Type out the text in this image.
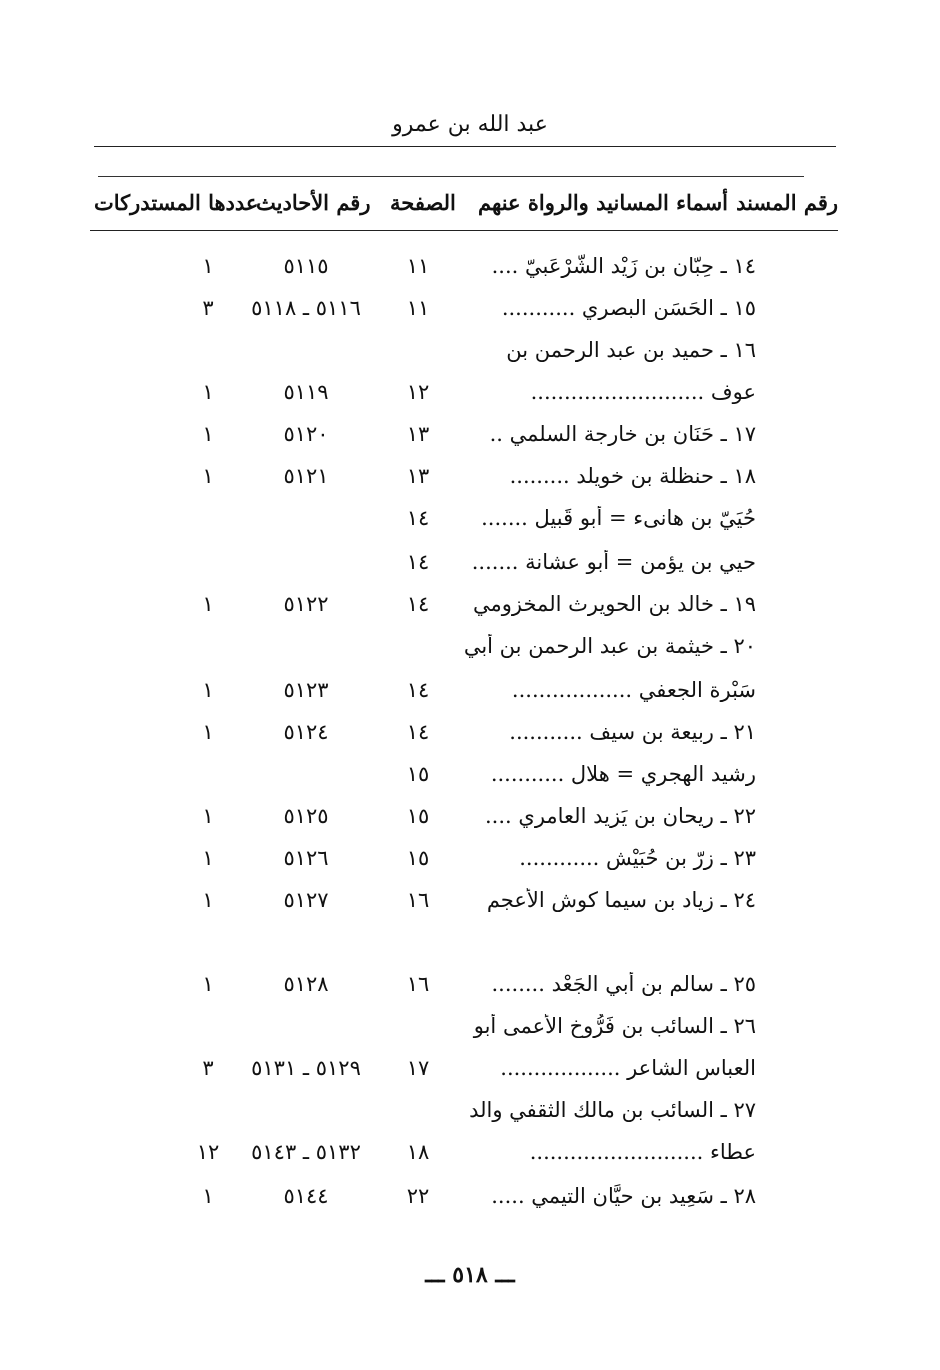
عبد الله بن عمرو
رقم المسند
أسماء المسانيد والرواة عنهم
الصفحة
رقم الأحاديث
عددها المستدركات
١٤ ـ حِبّان بن زَيْد الشّرْعَبيّ ....
١١
٥١١٥
١
١٥ ـ الحَسَن البصري ...........
١١
٥١١٦ ـ ٥١١٨
٣
١٦ ـ حميد بن عبد الرحمن بن
عوف ..........................
١٢
٥١١٩
١
١٧ ـ حَنَان بن خارجة السلمي ..
١٣
٥١٢٠
١
١٨ ـ حنظلة بن خويلد .........
١٣
٥١٢١
١
حُيَيّ بن هانىء = أبو قَبيل .......
١٤
حيي بن يؤمن = أبو عشانة .......
١٤
١٩ ـ خالد بن الحويرث المخزومي
١٤
٥١٢٢
١
٢٠ ـ خيثمة بن عبد الرحمن بن أبي
سَبْرة الجعفي ..................
١٤
٥١٢٣
١
٢١ ـ ربيعة بن سيف ...........
١٤
٥١٢٤
١
رشيد الهجري = هلال ...........
١٥
٢٢ ـ ريحان بن يَزيد العامري ....
١٥
٥١٢٥
١
٢٣ ـ زِرّ بن حُبَيْش ............
١٥
٥١٢٦
١
٢٤ ـ زياد بن سيما كوش الأعجم
١٦
٥١٢٧
١
٢٥ ـ سالم بن أبي الجَعْد ........
١٦
٥١٢٨
١
٢٦ ـ السائب بن فَرُّوخ الأعمى أبو
العباس الشاعر ..................
١٧
٥١٢٩ ـ ٥١٣١
٣
٢٧ ـ السائب بن مالك الثقفي والد
عطاء ..........................
١٨
٥١٣٢ ـ ٥١٤٣
١٢
٢٨ ـ سَعِيد بن حيَّان التيمي .....
٢٢
٥١٤٤
١
ـــ ٥١٨ ـــ
